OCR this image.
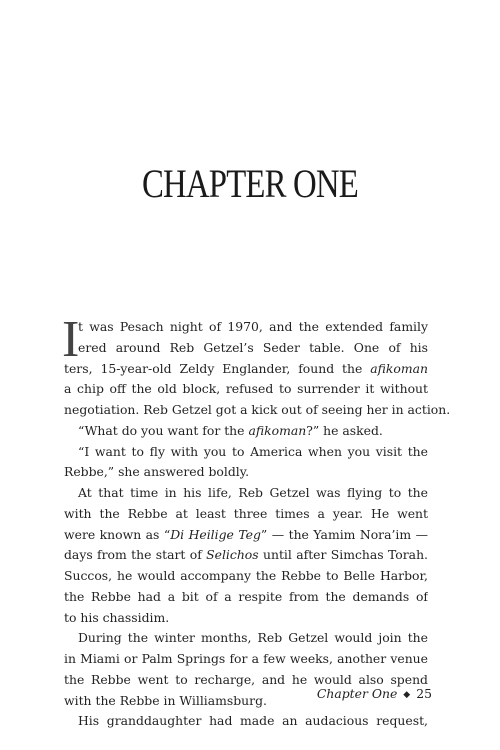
CHAPTER ONE
I
t was Pesach night of 1970, and the extended family
ered around Reb Getzel’s Seder table. One of his
ters, 15-year-old Zeldy Englander, found the afikoman
a chip off the old block, refused to surrender it without
negotiation. Reb Getzel got a kick out of seeing her in action.
“What do you want for the afikoman?” he asked.
“I want to fly with you to America when you visit the
Rebbe,” she answered boldly.
At that time in his life, Reb Getzel was flying to the
with the Rebbe at least three times a year. He went
were known as “Di Heilige Teg” — the Yamim Nora’im —
days from the start of Selichos until after Simchas Torah.
Succos, he would accompany the Rebbe to Belle Harbor,
the Rebbe had a bit of a respite from the demands of
to his chassidim.
During the winter months, Reb Getzel would join the
in Miami or Palm Springs for a few weeks, another venue
the Rebbe went to recharge, and he would also spend
with the Rebbe in Williamsburg.
His granddaughter had made an audacious request,
Chapter One ◆ 25
